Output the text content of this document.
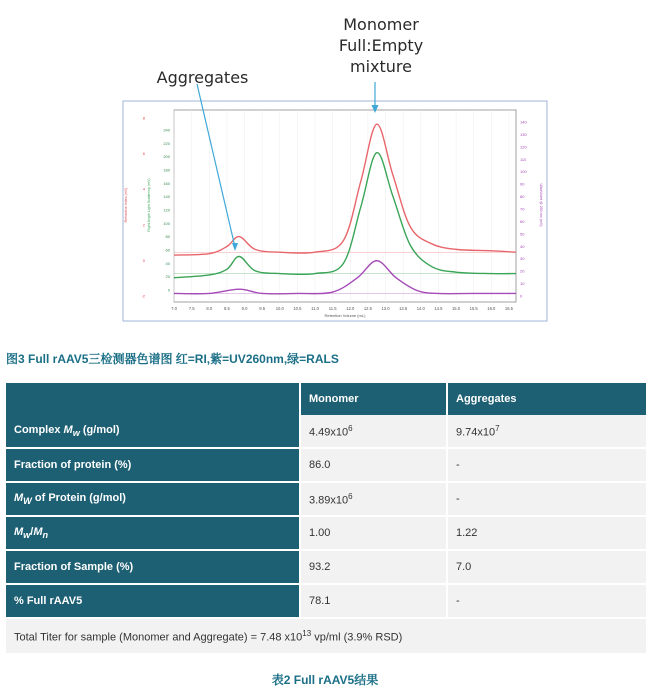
Monomer
Full:Empty
mixture
Aggregates
7.0	7.5	8.0	8.5	9.0	9.5	10.0 10.5 11.0 11.5 12.0 12.5 13.0 13.5 14.0 14.5 15.0 15.5 16.0 16.5
-2
0
2
4
6
8
0
20
40
60
80
100
120
140
160
180
200
220
240
0
10
20
30
40
50
60
70
80
90
100
110
120
130
140
Retention Volume (mL)
Refractive Index (mV)	Right Angle Light Scattering (mV)	UltraViolet @ 260 nm (mV)
图3 Full rAAV5三检测器色谱图 红=RI,紫=UV260nm,绿=RALS
	Monomer	Aggregates
Complex $M_w$ (g/mol)	$4.49x10^6$	$9.74x10^7$
Fraction of protein (%)	86.0	-
$M_W$ of Protein (g/mol)	$3.89x10^6$	-
$M_w/M_n$	1.00	1.22
Fraction of Sample (%)	93.2	7.0
% Full rAAV5	78.1	-
Total Titer for sample (Monomer and Aggregate) = 7.48 $x10^{13}$ vp/ml (3.9% RSD)		
表2 Full rAAV5结果
